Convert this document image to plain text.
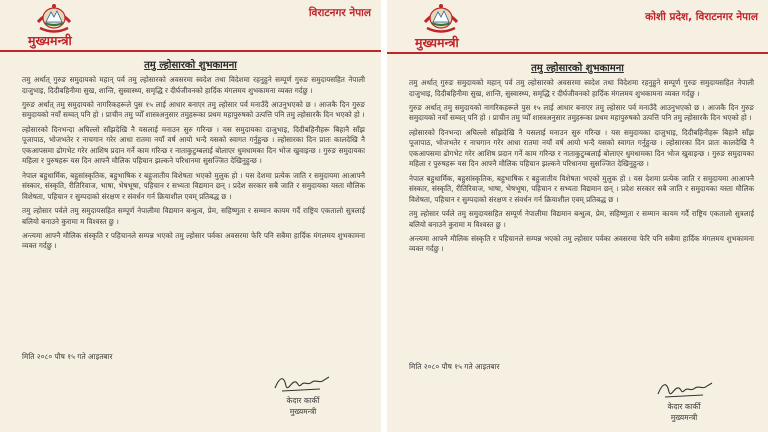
मुख्यमन्त्री
विराटनगर नेपाल
तमु ल्होसारको शुभकामना

तमु अर्थात् गुरुङ समुदायको महान् पर्व तमु ल्होसारको अवसरमा स्वदेश तथा विदेशमा रहनुहुने सम्पूर्ण गुरुङ समुदायसहित नेपाली दाजुभाइ, दिदीबहिनीमा सुख, शान्ति, सुस्वास्थ्य, समृद्धि र दीर्घजीवनको हार्दिक मंगलमय शुभकामना व्यक्त गर्दछु ।

गुरुङ अर्थात् तमु समुदायको नागरिकहरूले पुस १५ लाई आधार बनाएर तमु ल्होसार पर्व मनाउँदै आउनुभएको छ । आजकै दिन गुरुङ समुदायको नयाँ सम्वत् पनि हो । प्राचीन तमु प्योँ शास्त्रअनुसार तमुहरूका प्रथम महापुरुषको उत्पत्ति पनि तमु ल्होसारकै दिन भएको हो ।

ल्होसारको दिनभन्दा अघिल्लो साँझदेखि नै यसलाई मनाउन सुरु गरिन्छ । यस समुदायका दाजुभाइ, दिदीबहिनीहरू बिहानै साँझ पूजापाठ, भोजभतेर र नाचगान गरेर आधा रातमा नयाँ वर्ष आयो भन्दै यसको स्वागत गर्नुहुन्छ । ल्होसारका दिन प्रातः कालदेखि नै एकआपसमा ढोगभेट गरेर आशिष प्रदान गर्ने काम गरिन्छ र नाताकुटुम्बलाई बोलाएर धुमधामका दिन भोज खुवाइन्छ । गुरुङ समुदायका महिला र पुरुषहरू यस दिन आफ्नै मौलिक पहिचान झल्कने परिधानमा सुसज्जित देखिनुहुन्छ ।

नेपाल बहुधार्मिक, बहुसांस्कृतिक, बहुभाषिक र बहुजातीय विशेषता भएको मुलुक हो । यस देशमा प्रत्येक जाति र समुदायमा आआफ्नै संस्कार, संस्कृति, रीतिरिवाज, भाषा, भेषभूषा, पहिचान र सभ्यता विद्यमान छन् । प्रदेश सरकार सबै जाति र समुदायका यस्ता मौलिक विशेषता, पहिचान र सुम्पदाको संरक्षण र संवर्धन गर्न क्रियाशील एवम् प्रतिबद्ध छ ।

तमु ल्होसार पर्वले तमु समुदायसहित सम्पूर्ण नेपालीमा विद्यमान बन्धुत्व, प्रेम, सहिष्णुता र सम्मान कायम गर्दै राष्ट्रिय एकतालो सुत्रलाई बलियो बनाउने कुरामा म विश्वस्त छु ।

अन्त्यमा आफ्नै मौलिक संस्कृति र पहिचानले सम्पन्न भएको तमु ल्होसार पर्वका अवसरमा फेरि पनि सबैमा हार्दिक मंगलमय शुभकामना व्यक्त गर्दछु ।

मिति २०८० पौष १५ गते आइतबार
केदार कार्की
मुख्यमन्त्री
मुख्यमन्त्री
कोशी प्रदेश, विराटनगर नेपाल
तमु ल्होसारको शुभकामना

तमु अर्थात् गुरुङ समुदायको महान् पर्व तमु ल्होसारको अवसरमा स्वदेश तथा विदेशमा रहनुहुने सम्पूर्ण गुरुङ समुदायसहित नेपाली दाजुभाइ, दिदीबहिनीमा सुख, शान्ति, सुस्वास्थ्य, समृद्धि र दीर्घजीवनको हार्दिक मंगलमय शुभकामना व्यक्त गर्दछु ।

गुरुङ अर्थात् तमु समुदायको नागरिकहरूले पुस १५ लाई आधार बनाएर तमु ल्होसार पर्व मनाउँदै आउनुभएको छ । आजकै दिन गुरुङ समुदायको नयाँ सम्वत् पनि हो । प्राचीन तमु प्योँ शास्त्रअनुसार तमुहरूका प्रथम महापुरुषको उत्पत्ति पनि तमु ल्होसारकै दिन भएको हो ।

ल्होसारको दिनभन्दा अघिल्लो साँझदेखि नै यसलाई मनाउन सुरु गरिन्छ । यस समुदायका दाजुभाइ, दिदीबहिनीहरू बिहानै साँझ पूजापाठ, भोजभतेर र नाचगान गरेर आधा रातमा नयाँ वर्ष आयो भन्दै यसको स्वागत गर्नुहुन्छ । ल्होसारका दिन प्रातः कालदेखि नै एकआपसमा ढोगभेट गरेर आशिष प्रदान गर्ने काम गरिन्छ र नाताकुटुम्बलाई बोलाएर धुमधामका दिन भोज खुवाइन्छ । गुरुङ समुदायका महिला र पुरुषहरू यस दिन आफ्नै मौलिक पहिचान झल्कने परिधानमा सुसज्जित देखिनुहुन्छ ।

नेपाल बहुधार्मिक, बहुसांस्कृतिक, बहुभाषिक र बहुजातीय विशेषता भएको मुलुक हो । यस देशमा प्रत्येक जाति र समुदायमा आआफ्नै संस्कार, संस्कृति, रीतिरिवाज, भाषा, भेषभूषा, पहिचान र सभ्यता विद्यमान छन् । प्रदेश सरकार सबै जाति र समुदायका यस्ता मौलिक विशेषता, पहिचान र सुम्पदाको संरक्षण र संवर्धन गर्न क्रियाशील एवम् प्रतिबद्ध छ ।

तमु ल्होसार पर्वले तमु समुदायसहित सम्पूर्ण नेपालीमा विद्यमान बन्धुत्व, प्रेम, सहिष्णुता र सम्मान कायम गर्दै राष्ट्रिय एकतालो सुत्रलाई बलियो बनाउने कुरामा म विश्वस्त छु ।

अन्त्यमा आफ्नै मौलिक संस्कृति र पहिचानले सम्पन्न भएको तमु ल्होसार पर्वका अवसरमा फेरि पनि सबैमा हार्दिक मंगलमय शुभकामना व्यक्त गर्दछु ।

मिति २०८० पौष १५ गते आइतबार
केदार कार्की
मुख्यमन्त्री
